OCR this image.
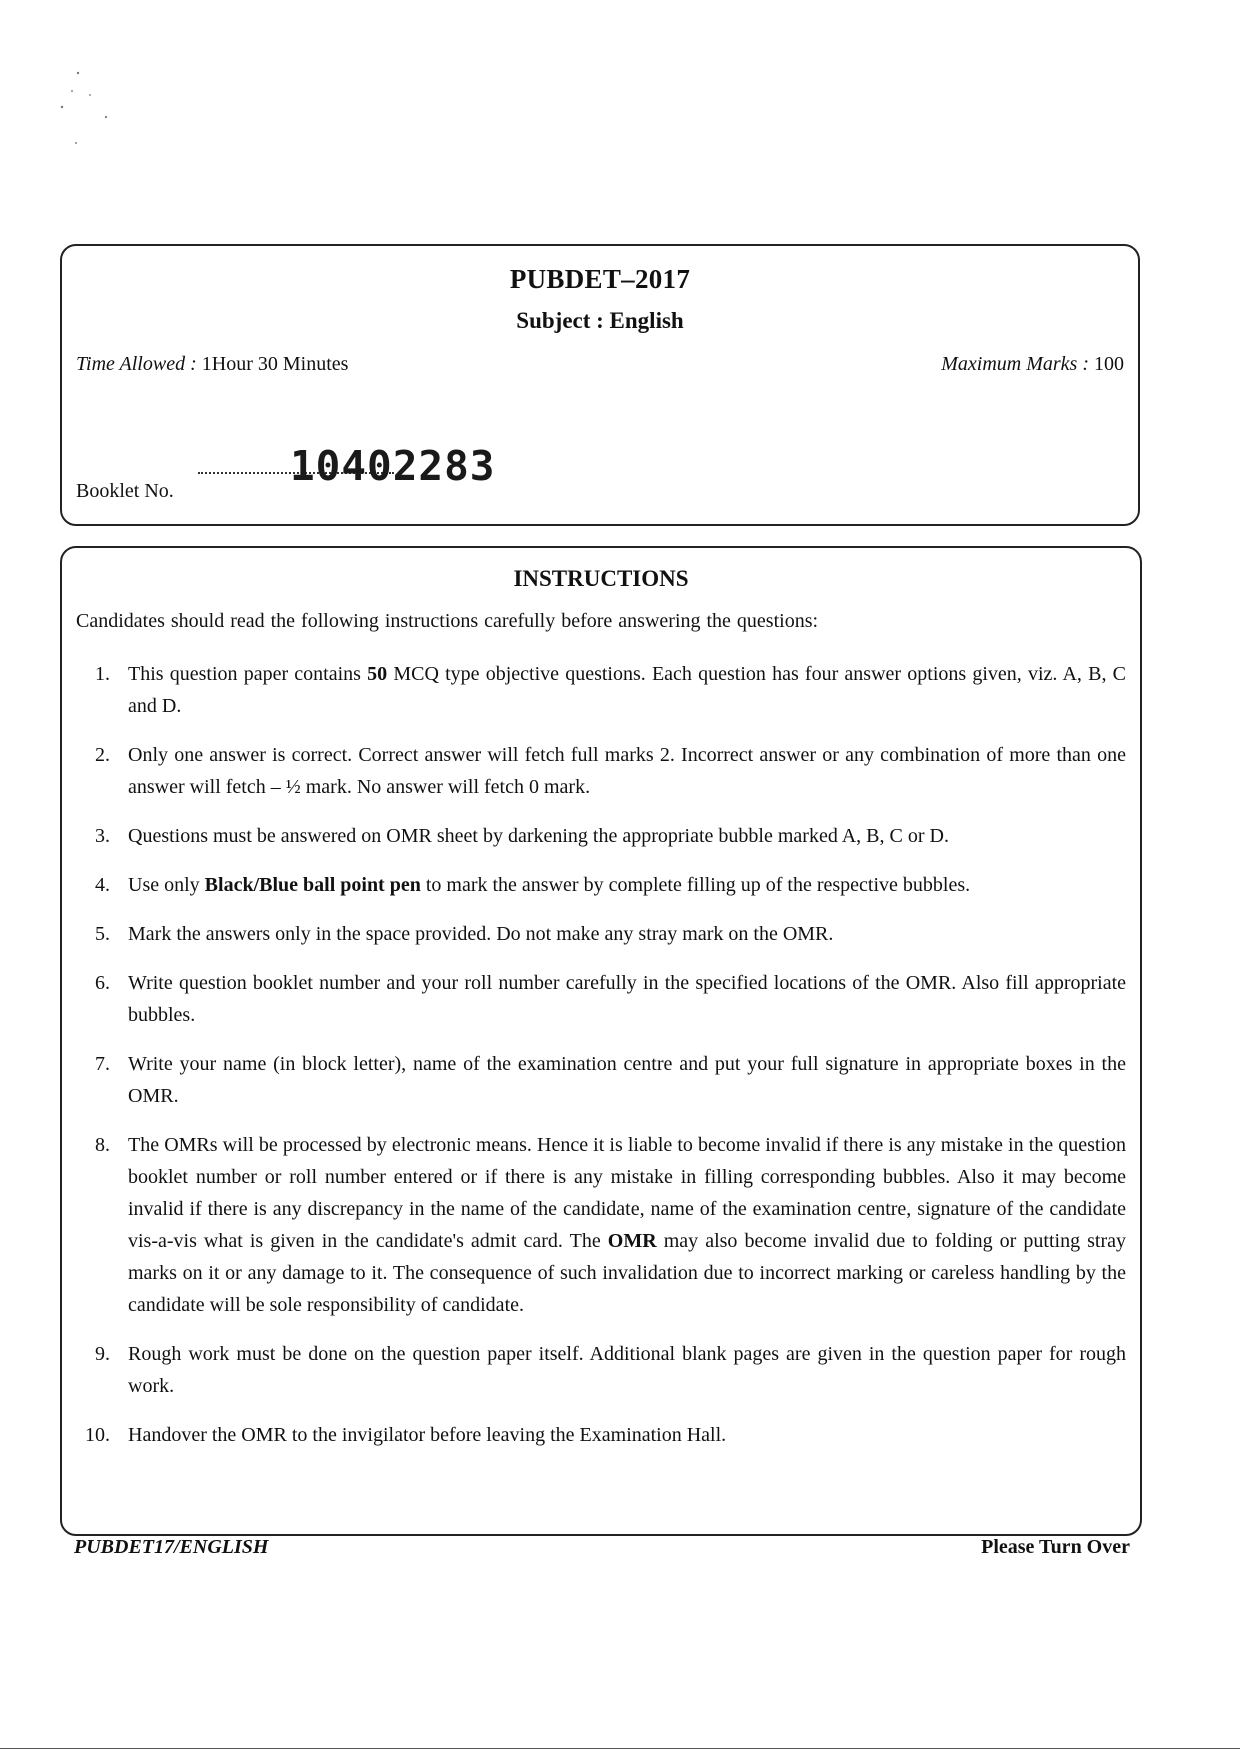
PUBDET–2017
Subject : English
Time Allowed : 1Hour 30 Minutes	Maximum Marks : 100
Booklet No.
10402283
INSTRUCTIONS
Candidates should read the following instructions carefully before answering the questions:
1. This question paper contains 50 MCQ type objective questions. Each question has four answer options given, viz. A, B, C and D.
2. Only one answer is correct. Correct answer will fetch full marks 2. Incorrect answer or any combination of more than one answer will fetch – ½ mark. No answer will fetch 0 mark.
3. Questions must be answered on OMR sheet by darkening the appropriate bubble marked A, B, C or D.
4. Use only Black/Blue ball point pen to mark the answer by complete filling up of the respective bubbles.
5. Mark the answers only in the space provided. Do not make any stray mark on the OMR.
6. Write question booklet number and your roll number carefully in the specified locations of the OMR. Also fill appropriate bubbles.
7. Write your name (in block letter), name of the examination centre and put your full signature in appropriate boxes in the OMR.
8. The OMRs will be processed by electronic means. Hence it is liable to become invalid if there is any mistake in the question booklet number or roll number entered or if there is any mistake in filling corresponding bubbles. Also it may become invalid if there is any discrepancy in the name of the candidate, name of the examination centre, signature of the candidate vis-a-vis what is given in the candidate's admit card. The OMR may also become invalid due to folding or putting stray marks on it or any damage to it. The consequence of such invalidation due to incorrect marking or careless handling by the candidate will be sole responsibility of candidate.
9. Rough work must be done on the question paper itself. Additional blank pages are given in the question paper for rough work.
10. Handover the OMR to the invigilator before leaving the Examination Hall.
PUBDET17/ENGLISH	Please Turn Over
